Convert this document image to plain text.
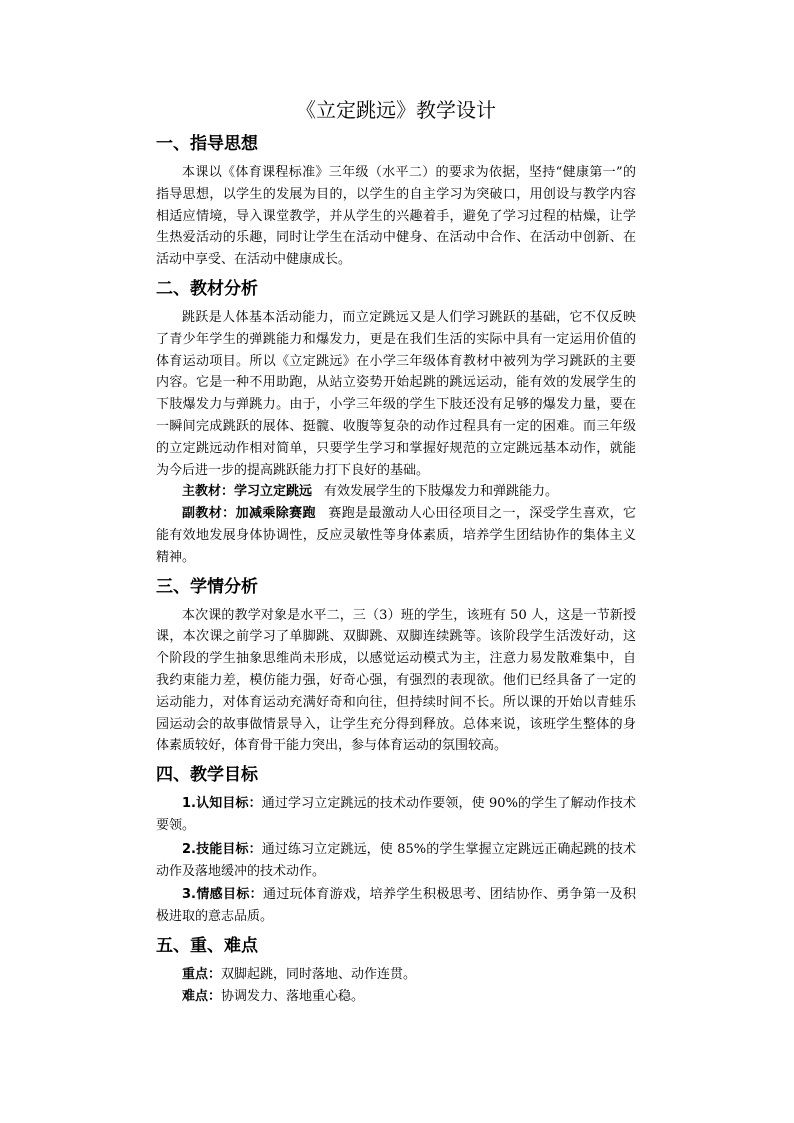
《立定跳远》教学设计
一、指导思想

本课以《体育课程标准》三年级（水平二）的要求为依据，坚持“健康第一”的指导思想，以学生的发展为目的，以学生的自主学习为突破口，用创设与教学内容相适应情境，导入课堂教学，并从学生的兴趣着手，避免了学习过程的枯燥，让学生热爱活动的乐趣，同时让学生在活动中健身、在活动中合作、在活动中创新、在活动中享受、在活动中健康成长。

二、教材分析

跳跃是人体基本活动能力，而立定跳远又是人们学习跳跃的基础，它不仅反映了青少年学生的弹跳能力和爆发力，更是在我们生活的实际中具有一定运用价值的体育运动项目。所以《立定跳远》在小学三年级体育教材中被列为学习跳跃的主要内容。它是一种不用助跑，从站立姿势开始起跳的跳远运动，能有效的发展学生的下肢爆发力与弹跳力。由于，小学三年级的学生下肢还没有足够的爆发力量，要在一瞬间完成跳跃的展体、挺髋、收腹等复杂的动作过程具有一定的困难。而三年级的立定跳远动作相对简单，只要学生学习和掌握好规范的立定跳远基本动作，就能为今后进一步的提高跳跃能力打下良好的基础。

主教材：学习立定跳远 有效发展学生的下肢爆发力和弹跳能力。

副教材：加减乘除赛跑 赛跑是最激动人心田径项目之一，深受学生喜欢，它能有效地发展身体协调性，反应灵敏性等身体素质，培养学生团结协作的集体主义精神。

三、学情分析

本次课的教学对象是水平二，三（3）班的学生，该班有 50 人，这是一节新授课，本次课之前学习了单脚跳、双脚跳、双脚连续跳等。该阶段学生活泼好动，这个阶段的学生抽象思维尚未形成，以感觉运动模式为主，注意力易发散难集中，自我约束能力差，模仿能力强，好奇心强，有强烈的表现欲。他们已经具备了一定的运动能力，对体育运动充满好奇和向往，但持续时间不长。所以课的开始以青蛙乐园运动会的故事做情景导入，让学生充分得到释放。总体来说，该班学生整体的身体素质较好，体育骨干能力突出，参与体育运动的氛围较高。

四、教学目标

1.认知目标：通过学习立定跳远的技术动作要领，使 90%的学生了解动作技术要领。

2.技能目标：通过练习立定跳远，使 85%的学生掌握立定跳远正确起跳的技术动作及落地缓冲的技术动作。

3.情感目标：通过玩体育游戏，培养学生积极思考、团结协作、勇争第一及积极进取的意志品质。

五、重、难点

重点：双脚起跳，同时落地、动作连贯。

难点：协调发力、落地重心稳。
